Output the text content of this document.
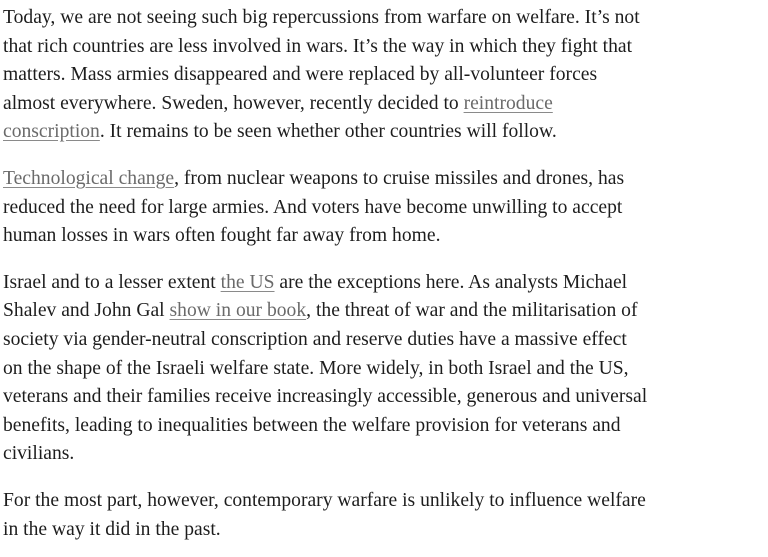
Today, we are not seeing such big repercussions from warfare on welfare. It’s not
that rich countries are less involved in wars. It’s the way in which they fight that
matters. Mass armies disappeared and were replaced by all-volunteer forces
almost everywhere. Sweden, however, recently decided to reintroduce
conscription. It remains to be seen whether other countries will follow.

Technological change, from nuclear weapons to cruise missiles and drones, has
reduced the need for large armies. And voters have become unwilling to accept
human losses in wars often fought far away from home.

Israel and to a lesser extent the US are the exceptions here. As analysts Michael
Shalev and John Gal show in our book, the threat of war and the militarisation of
society via gender-neutral conscription and reserve duties have a massive effect
on the shape of the Israeli welfare state. More widely, in both Israel and the US,
veterans and their families receive increasingly accessible, generous and universal
benefits, leading to inequalities between the welfare provision for veterans and
civilians.

For the most part, however, contemporary warfare is unlikely to influence welfare
in the way it did in the past.
